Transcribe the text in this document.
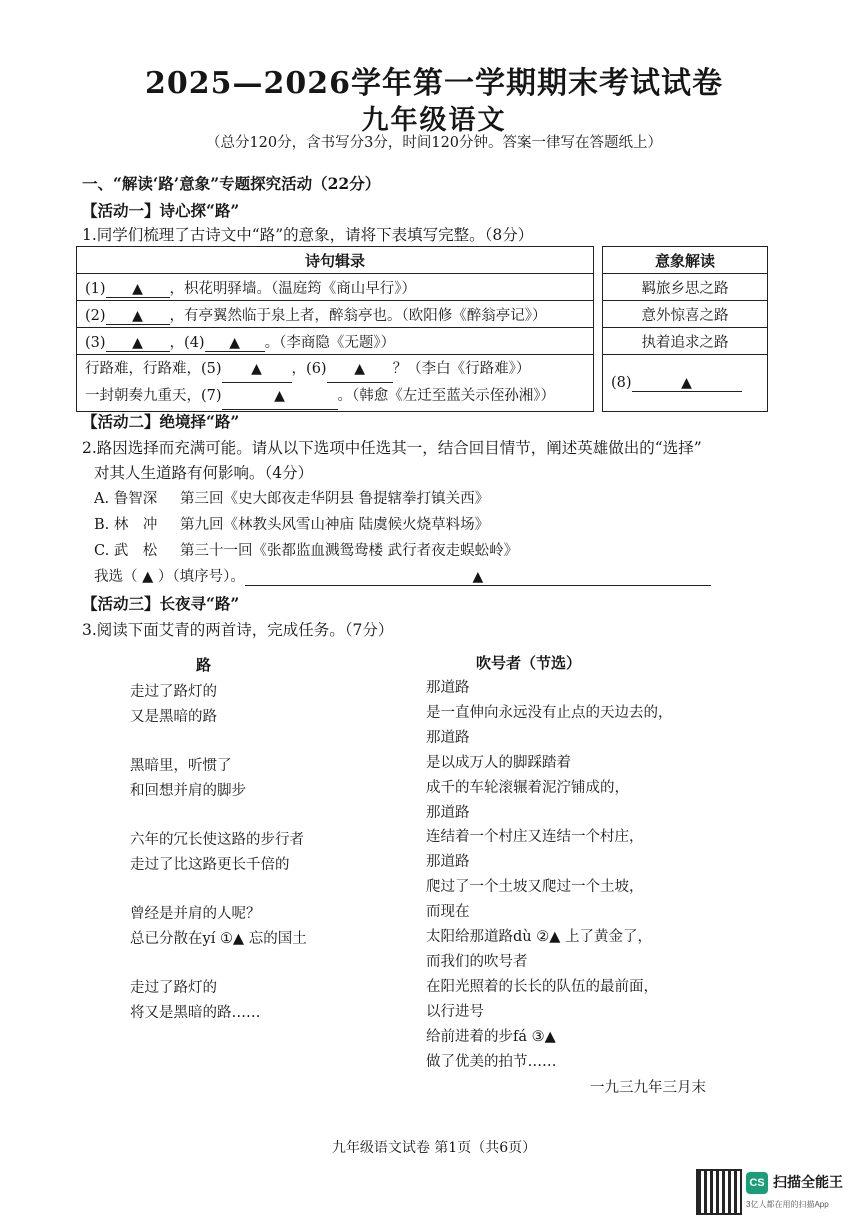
2025—2026学年第一学期期末考试试卷
九年级语文
（总分120分，含书写分3分，时间120分钟。答案一律写在答题纸上）
一、“解读‘路’意象”专题探究活动（22分）
【活动一】诗心探“路”
1.同学们梳理了古诗文中“路”的意象，请将下表填写完整。（8分）
诗句辑录		意象解读
(1) ▲ ，枳花明驿墙。（温庭筠《商山早行》）		羁旅乡思之路
(2) ▲ ，有亭翼然临于泉上者，醉翁亭也。（欧阳修《醉翁亭记》）		意外惊喜之路
(3) ▲ ，(4) ▲ 。（李商隐《无题》）		执着追求之路

行路难，行路难，(5) ▲ ，(6) ▲ ？（李白《行路难》）
一封朝奏九重天，(7) ▲ 。（韩愈《左迁至蓝关示侄孙湘》）		(8) ▲
【活动二】绝境择“路”
2.路因选择而充满可能。请从以下选项中任选其一，结合回目情节，阐述英雄做出的“选择”
对其人生道路有何影响。（4分）
A. 鲁智深 第三回《史大郎夜走华阴县 鲁提辖拳打镇关西》
B. 林　冲 第九回《林教头风雪山神庙 陆虞候火烧草料场》
C. 武　松 第三十一回《张都监血溅鸳鸯楼 武行者夜走蜈蚣岭》
我选（ ▲ ）（填序号）。	▲
【活动三】长夜寻“路”
3.阅读下面艾青的两首诗，完成任务。（7分）
路
走过了路灯的
又是黑暗的路
黑暗里，听惯了
和回想并肩的脚步
六年的冗长使这路的步行者
走过了比这路更长千倍的
曾经是并肩的人呢？
总已分散在yí ①▲ 忘的国土
走过了路灯的
将又是黑暗的路……
吹号者（节选）
那道路
是一直伸向永远没有止点的天边去的，
那道路
是以成万人的脚踩踏着
成千的车轮滚辗着泥泞铺成的，
那道路
连结着一个村庄又连结一个村庄，
那道路
爬过了一个土坡又爬过一个土坡，
而现在
太阳给那道路dù ②▲ 上了黄金了，
而我们的吹号者
在阳光照着的长长的队伍的最前面，
以行进号
给前进着的步fá ③▲
做了优美的拍节……
一九三九年三月末
九年级语文试卷 第1页（共6页）
CS 扫描全能王
3亿人都在用的扫描App
